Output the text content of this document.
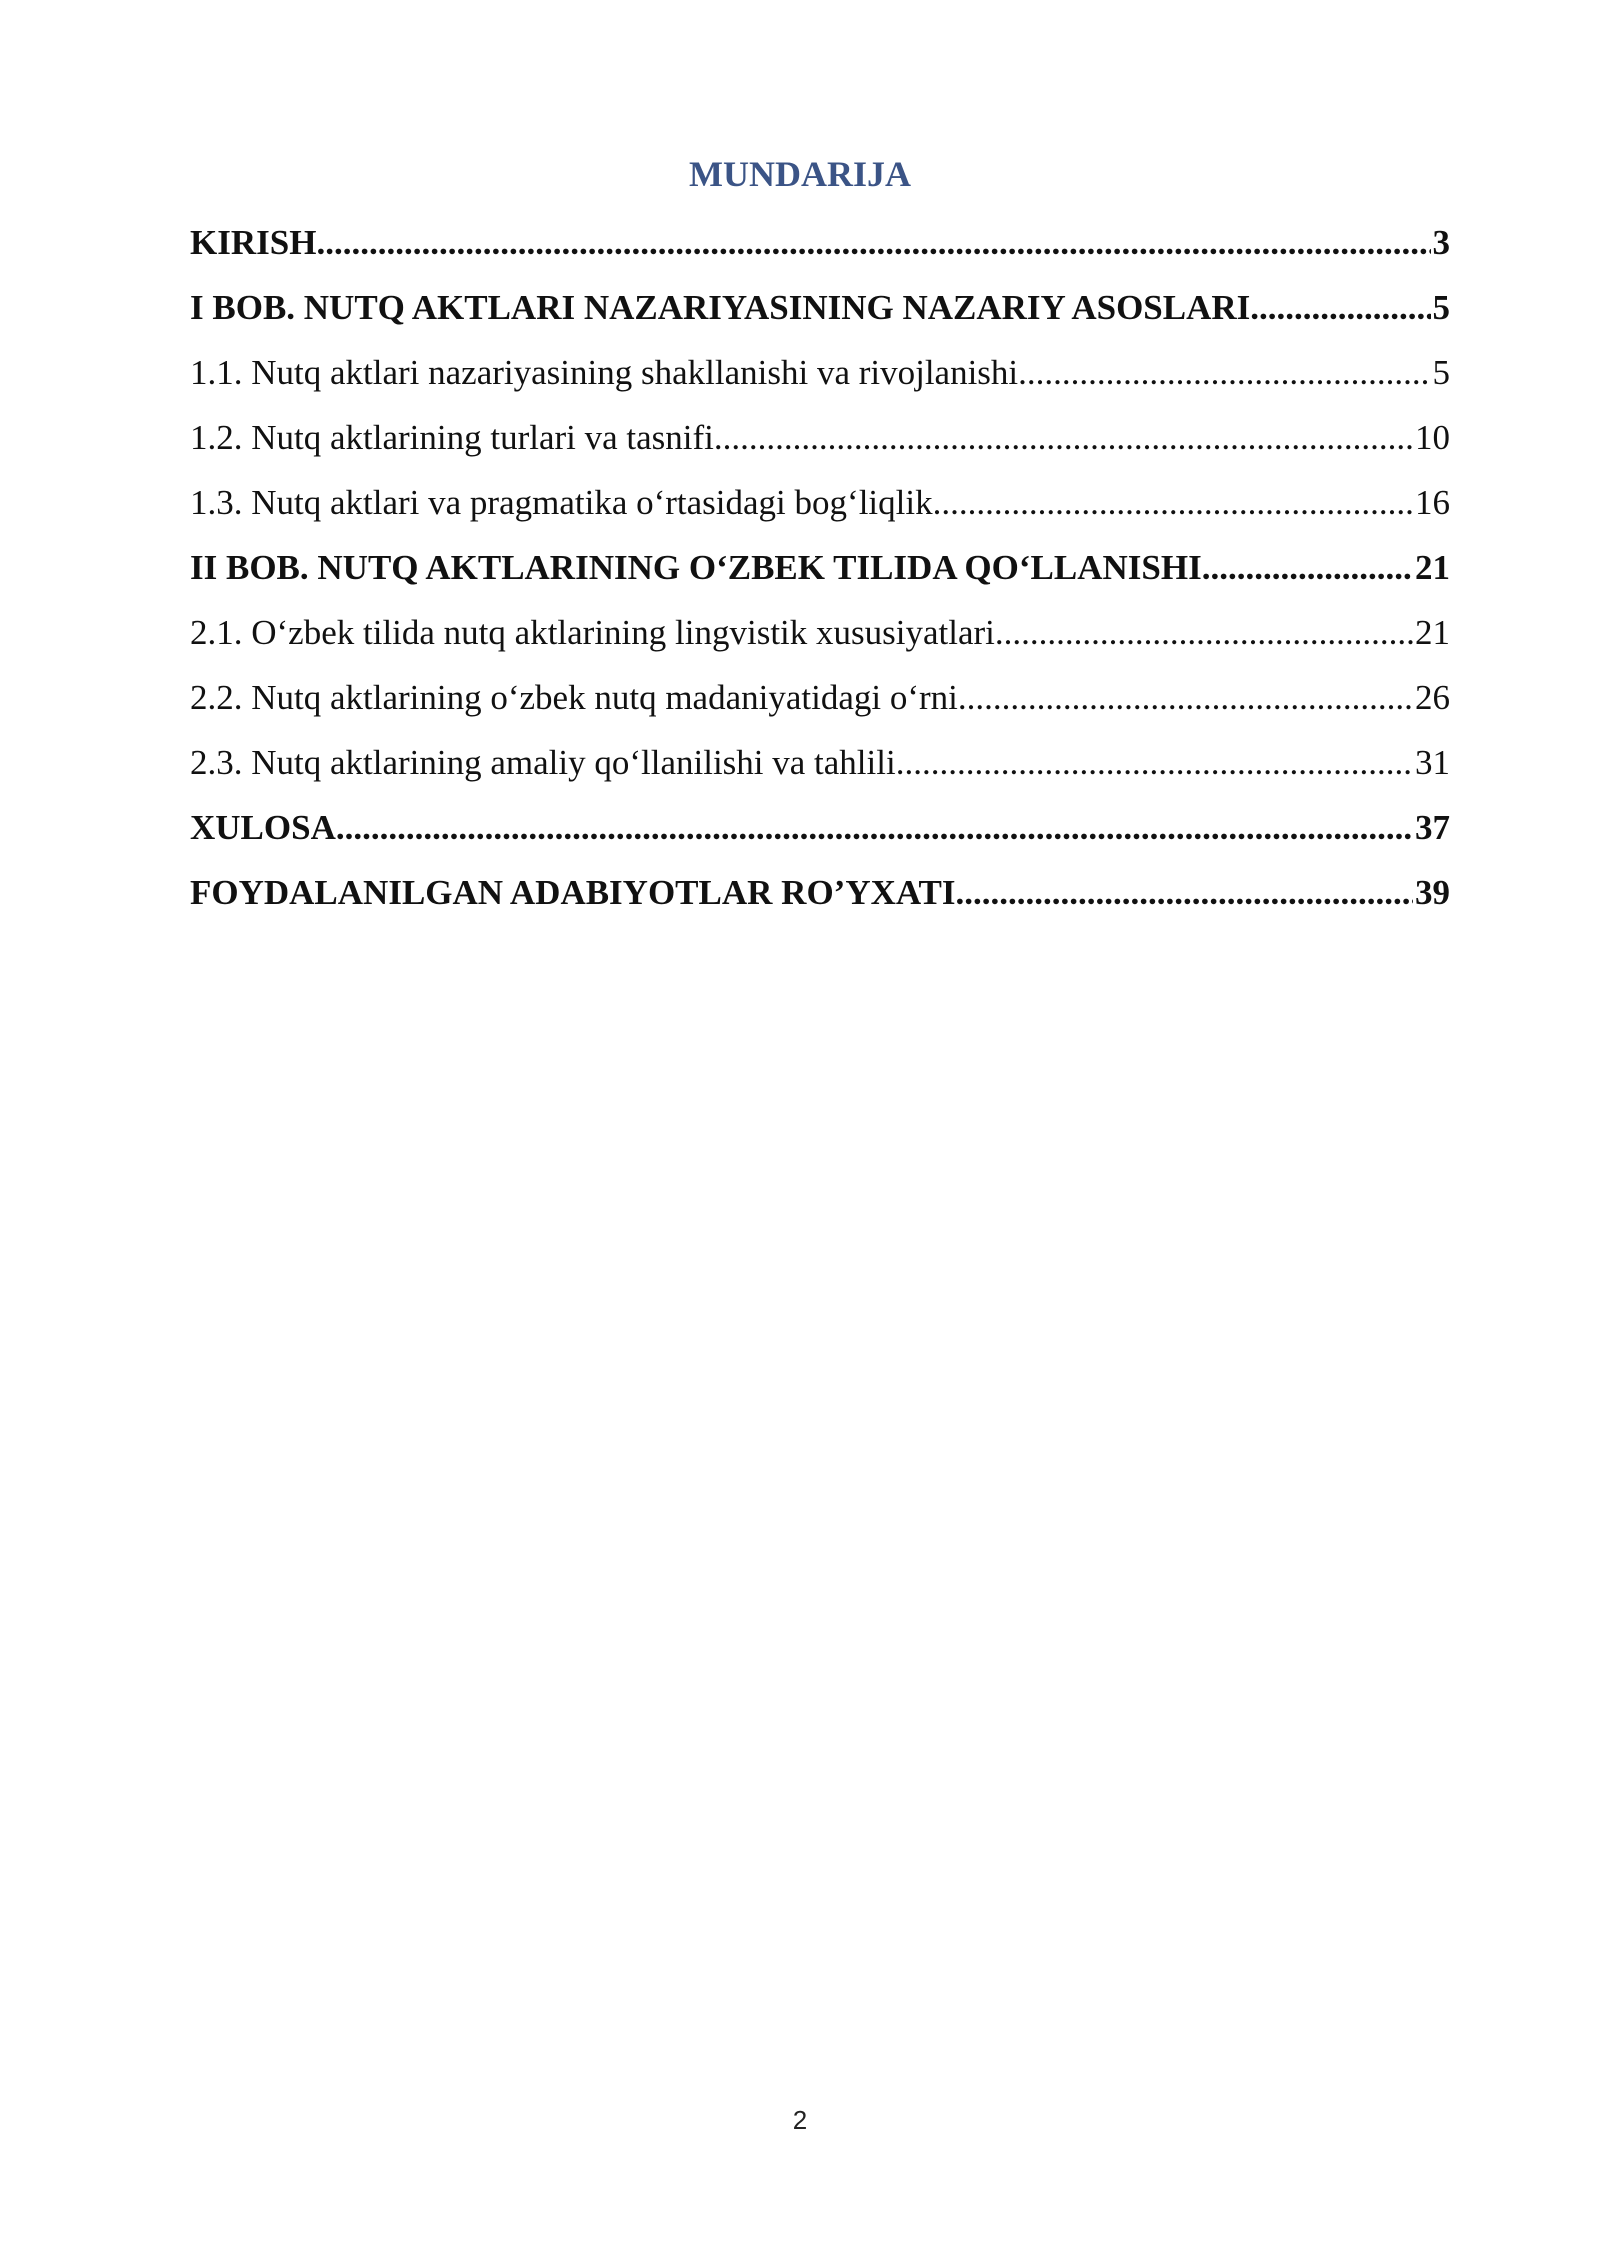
MUNDARIJA
KIRISH .....	3
I BOB. NUTQ AKTLARI NAZARIYASINING NAZARIY ASOSLARI .....	5
1.1. Nutq aktlari nazariyasining shakllanishi va rivojlanishi .....	5
1.2. Nutq aktlarining turlari va tasnifi .....	10
1.3. Nutq aktlari va pragmatika o‘rtasidagi bog‘liqlik .....	16
II BOB. NUTQ AKTLARINING O‘ZBEK TILIDA QO‘LLANISHI .....	21
2.1. O‘zbek tilida nutq aktlarining lingvistik xususiyatlari .....	21
2.2. Nutq aktlarining o‘zbek nutq madaniyatidagi o‘rni .....	26
2.3. Nutq aktlarining amaliy qo‘llanilishi va tahlili .....	31
XULOSA .....	37
FOYDALANILGAN ADABIYOTLAR RO’YXATI .....	39
2
